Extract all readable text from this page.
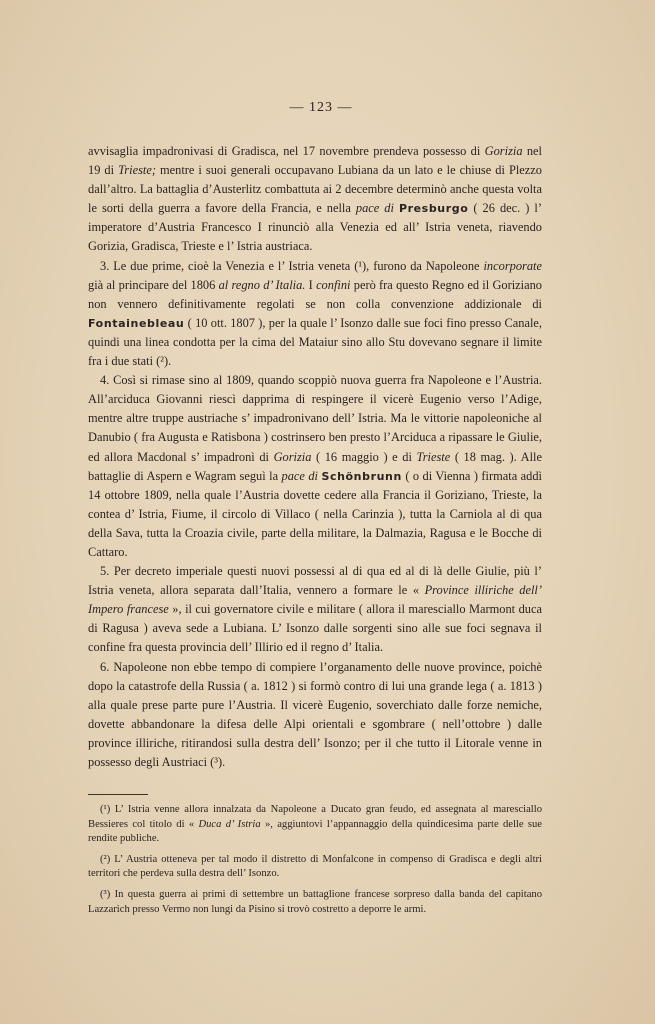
— 123 —

avvisaglia impadronivasi di Gradisca, nel 17 novembre prendeva possesso di Gorizia nel 19 di Trieste; mentre i suoi generali occupavano Lubiana da un lato e le chiuse di Plezzo dall’altro. La battaglia d’Austerlitz combattuta ai 2 decembre determinò anche questa volta le sorti della guerra a favore della Francia, e nella pace di Presburgo ( 26 dec. ) l’ imperatore d’Austria Francesco I rinunciò alla Venezia ed all’ Istria veneta, riavendo Gorizia, Gradisca, Trieste e l’ Istria austriaca.

3. Le due prime, cioè la Venezia e l’ Istria veneta (¹), furono da Napoleone incorporate già al principare del 1806 al regno d’ Italia. I confini però fra questo Regno ed il Goriziano non vennero definitivamente regolati se non colla convenzione addizionale di Fontainebleau ( 10 ott. 1807 ), per la quale l’ Isonzo dalle sue foci fino presso Canale, quindi una linea condotta per la cima del Mataiur sino allo Stu dovevano segnare il limite fra i due stati (²).

4. Così si rimase sino al 1809, quando scoppiò nuova guerra fra Napoleone e l’Austria. All’arciduca Giovanni riescì dapprima di respingere il vicerè Eugenio verso l’Adige, mentre altre truppe austriache s’ impadronivano dell’ Istria. Ma le vittorie napoleoniche al Danubio ( fra Augusta e Ratisbona ) costrinsero ben presto l’Arciduca a ripassare le Giulie, ed allora Macdonal s’ impadronì di Gorizia ( 16 maggio ) e di Trieste ( 18 mag. ). Alle battaglie di Aspern e Wagram seguì la pace di Schönbrunn ( o di Vienna ) firmata addì 14 ottobre 1809, nella quale l’Austria dovette cedere alla Francia il Goriziano, Trieste, la contea d’ Istria, Fiume, il circolo di Villaco ( nella Carinzia ), tutta la Carniola al di qua della Sava, tutta la Croazia civile, parte della militare, la Dalmazia, Ragusa e le Bocche di Cattaro.

5. Per decreto imperiale questi nuovi possessi al di qua ed al di là delle Giulie, più l’ Istria veneta, allora separata dall’Italia, vennero a formare le « Province illiriche dell’ Impero francese », il cui governatore civile e militare ( allora il maresciallo Marmont duca di Ragusa ) aveva sede a Lubiana. L’ Isonzo dalle sorgenti sino alle sue foci segnava il confine fra questa provincia dell’ Illirio ed il regno d’ Italia.

6. Napoleone non ebbe tempo di compiere l’organamento delle nuove province, poichè dopo la catastrofe della Russia ( a. 1812 ) si formò contro di lui una grande lega ( a. 1813 ) alla quale prese parte pure l’Austria. Il vicerè Eugenio, soverchiato dalle forze nemiche, dovette abbandonare la difesa delle Alpi orientali e sgombrare ( nell’ottobre ) dalle province illiriche, ritirandosi sulla destra dell’ Isonzo; per il che tutto il Litorale venne in possesso degli Austriaci (³).

(¹) L’ Istria venne allora innalzata da Napoleone a Ducato gran feudo, ed assegnata al maresciallo Bessieres col titolo di « Duca d’ Istria », aggiuntovi l’appannaggio della quindicesima parte delle sue rendite publiche.

(²) L’ Austria otteneva per tal modo il distretto di Monfalcone in compenso di Gradisca e degli altri territori che perdeva sulla destra dell’ Isonzo.

(³) In questa guerra ai primi di settembre un battaglione francese sorpreso dalla banda del capitano Lazzarich presso Vermo non lungi da Pisino si trovò costretto a deporre le armi.
